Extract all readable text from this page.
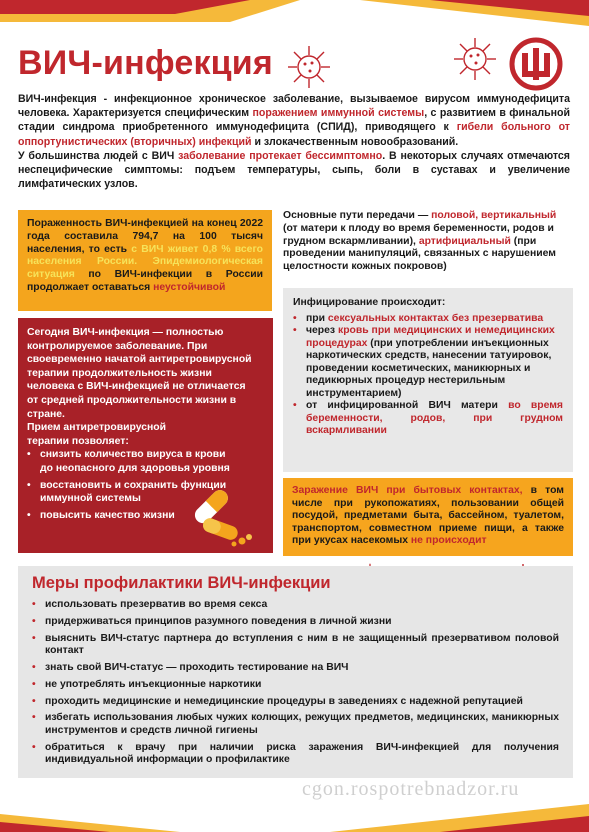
ВИЧ-инфекция
ВИЧ-инфекция - инфекционное хроническое заболевание, вызываемое вирусом иммунодефицита человека. Характеризуется специфическим поражением иммунной системы, с развитием в финальной стадии синдрома приобретенного иммунодефицита (СПИД), приводящего к гибели больного от оппортунистических (вторичных) инфекций и злокачественным новообразований.
У большинства людей с ВИЧ заболевание протекает бессимптомно. В некоторых случаях отмечаются неспецифические симптомы: подъем температуры, сыпь, боли в суставах и увеличение лимфатических узлов.
Пораженность ВИЧ-инфекцией на конец 2022 года составила 794,7 на 100 тысяч населения, то есть с ВИЧ живет 0,8 % всего населения России. Эпидемиологическая ситуация по ВИЧ-инфекции в России продолжает оставаться неустойчивой
Основные пути передачи — половой, вертикальный (от матери к плоду во время беременности, родов и грудном вскармливании), артифициальный (при проведении манипуляций, связанных с нарушением целостности кожных покровов)
Инфицирование происходит:
• при сексуальных контактах без презерватива
• через кровь при медицинских и немедицинских процедурах (при употреблении инъекционных наркотических средств, нанесении татуировок, проведении косметических, маникюрных и педикюрных процедур нестерильным инструментарием)
• от инфицированной ВИЧ матери во время беременности, родов, при грудном вскармливании
Сегодня ВИЧ-инфекция — полностью контролируемое заболевание. При своевременно начатой антиретровирусной терапии продолжительность жизни человека с ВИЧ-инфекцией не отличается от средней продолжительности жизни в стране.
Прием антиретровирусной терапии позволяет:
• снизить количество вируса в крови до неопасного для здоровья уровня
• восстановить и сохранить функции иммунной системы
• повысить качество жизни
Заражение ВИЧ при бытовых контактах, в том числе при рукопожатиях, пользовании общей посудой, предметами быта, бассейном, туалетом, транспортом, совместном приеме пищи, а также при укусах насекомых не происходит
Меры профилактики ВИЧ-инфекции
• использовать презерватив во время секса
• придерживаться принципов разумного поведения в личной жизни
• выяснить ВИЧ-статус партнера до вступления с ним в не защищенный презервативом половой контакт
• знать свой ВИЧ-статус — проходить тестирование на ВИЧ
• не употреблять инъекционные наркотики
• проходить медицинские и немедицинские процедуры в заведениях с надежной репутацией
• избегать использования любых чужих колющих, режущих предметов, медицинских, маникюрных инструментов и средств личной гигиены
• обратиться к врачу при наличии риска заражения ВИЧ-инфекцией для получения индивидуальной информации о профилактике
cgon.rospotrebnadzor.ru
